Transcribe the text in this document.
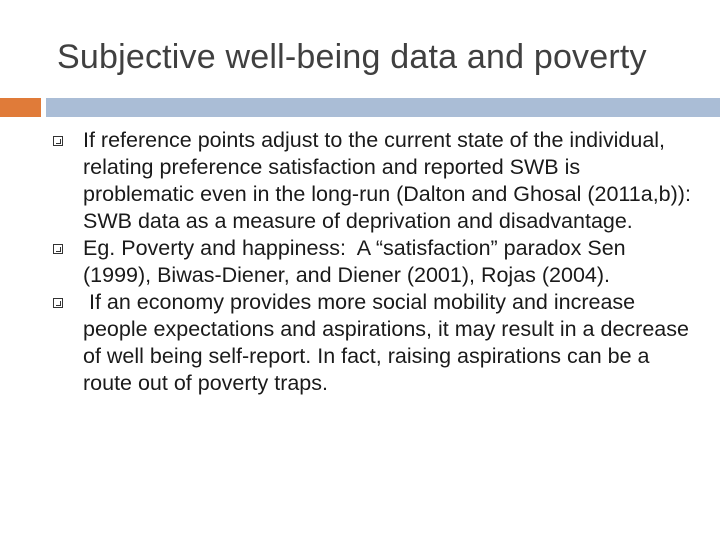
Subjective well-being data and poverty
If reference points adjust to the current state of the individual, relating preference satisfaction and reported SWB is problematic even in the long-run (Dalton and Ghosal (2011a,b)): SWB data as a measure of deprivation and disadvantage.
Eg. Poverty and happiness:  A “satisfaction” paradox Sen (1999), Biwas-Diener, and Diener (2001), Rojas (2004).
If an economy provides more social mobility and increase people expectations and aspirations, it may result in a decrease of well being self-report. In fact, raising aspirations can be a route out of poverty traps.
